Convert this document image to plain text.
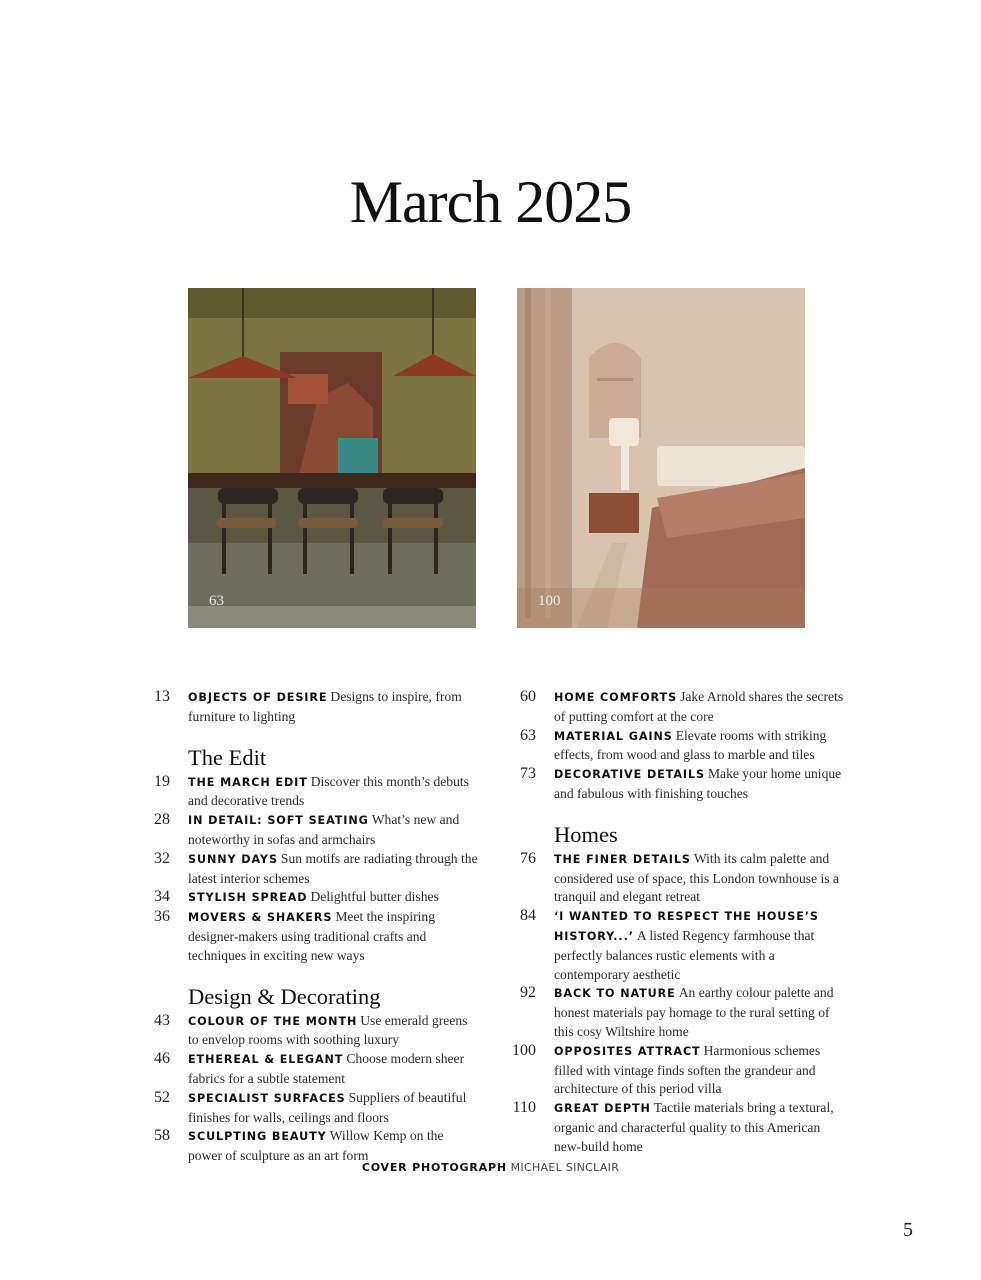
March 2025
63	100
13 OBJECTS OF DESIRE Designs to inspire, from furniture to lighting
The Edit
19 THE MARCH EDIT Discover this month’s debuts and decorative trends
28 IN DETAIL: SOFT SEATING What’s new and noteworthy in sofas and armchairs
32 SUNNY DAYS Sun motifs are radiating through the latest interior schemes
34 STYLISH SPREAD Delightful butter dishes
36 MOVERS & SHAKERS Meet the inspiring designer-makers using traditional crafts and techniques in exciting new ways
Design & Decorating
43 COLOUR OF THE MONTH Use emerald greens to envelop rooms with soothing luxury
46 ETHEREAL & ELEGANT Choose modern sheer fabrics for a subtle statement
52 SPECIALIST SURFACES Suppliers of beautiful finishes for walls, ceilings and floors
58 SCULPTING BEAUTY Willow Kemp on the power of sculpture as an art form
60 HOME COMFORTS Jake Arnold shares the secrets of putting comfort at the core
63 MATERIAL GAINS Elevate rooms with striking effects, from wood and glass to marble and tiles
73 DECORATIVE DETAILS Make your home unique and fabulous with finishing touches
Homes
76 THE FINER DETAILS With its calm palette and considered use of space, this London townhouse is a tranquil and elegant retreat
84 ‘I WANTED TO RESPECT THE HOUSE’S HISTORY...’ A listed Regency farmhouse that perfectly balances rustic elements with a contemporary aesthetic
92 BACK TO NATURE An earthy colour palette and honest materials pay homage to the rural setting of this cosy Wiltshire home
100 OPPOSITES ATTRACT Harmonious schemes filled with vintage finds soften the grandeur and architecture of this period villa
110 GREAT DEPTH Tactile materials bring a textural, organic and characterful quality to this American new-build home
COVER PHOTOGRAPH MICHAEL SINCLAIR
5
